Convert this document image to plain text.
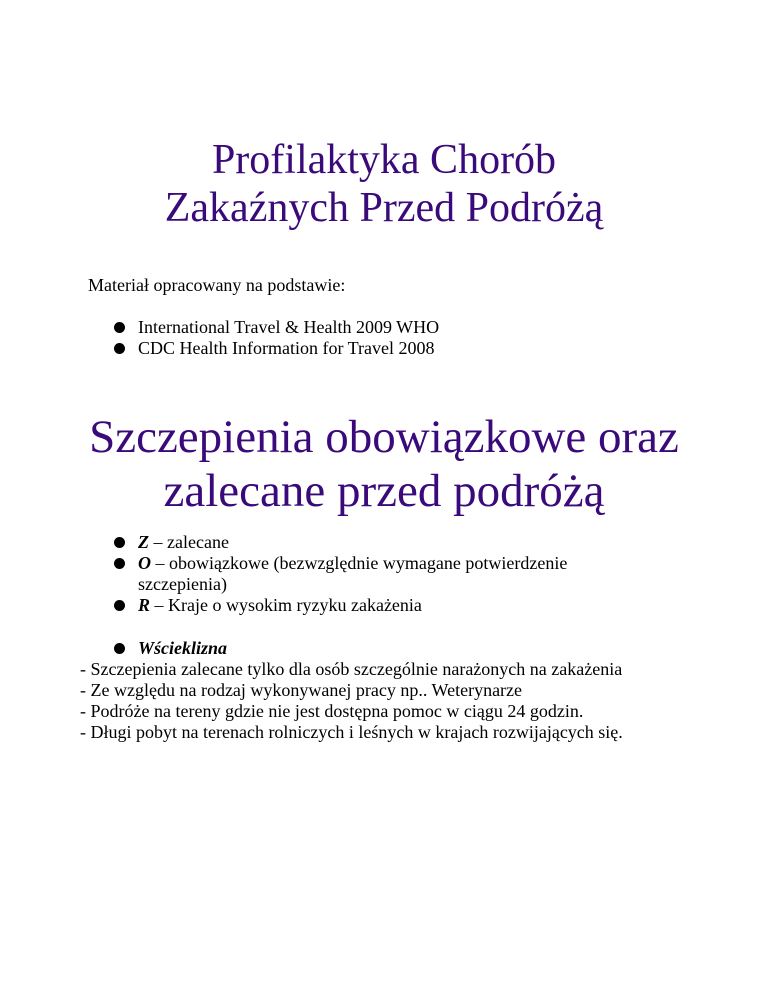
Profilaktyka Chorób
Zakaźnych Przed Podróżą

Materiał opracowany na podstawie:

International Travel & Health 2009 WHO
CDC Health Information for Travel 2008
Szczepienia obowiązkowe oraz
zalecane przed podróżą
Z – zalecane
O – obowiązkowe (bezwzględnie wymagane potwierdzenie szczepienia)
R – Kraje o wysokim ryzyku zakażenia
Wścieklizna
- Szczepienia zalecane tylko dla osób szczególnie narażonych na zakażenia
- Ze względu na rodzaj wykonywanej pracy np.. Weterynarze
- Podróże na tereny gdzie nie jest dostępna pomoc w ciągu 24 godzin.
- Długi pobyt na terenach rolniczych i leśnych w krajach rozwijających się.
